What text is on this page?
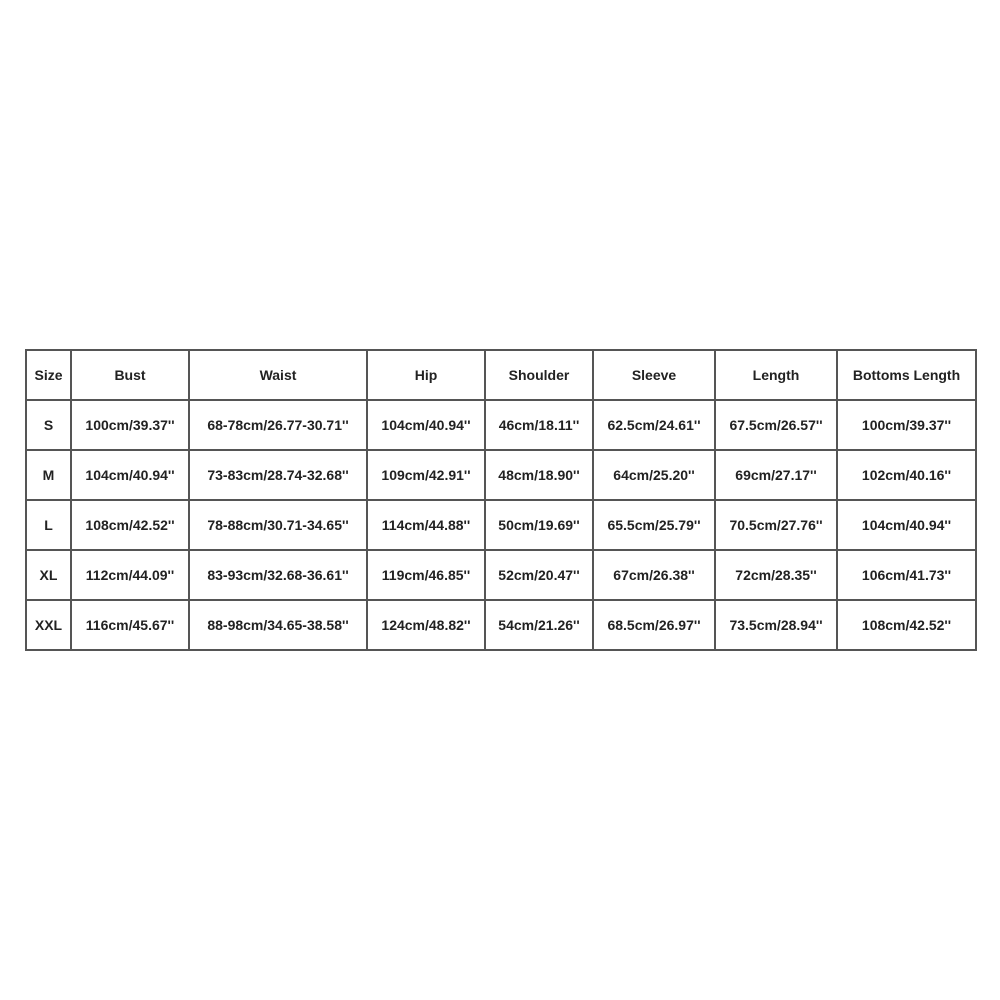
Size	Bust	Waist	Hip	Shoulder	Sleeve	Length	Bottoms Length
S	100cm/39.37''	68-78cm/26.77-30.71''	104cm/40.94''	46cm/18.11''	62.5cm/24.61''	67.5cm/26.57''	100cm/39.37''
M	104cm/40.94''	73-83cm/28.74-32.68''	109cm/42.91''	48cm/18.90''	64cm/25.20''	69cm/27.17''	102cm/40.16''
L	108cm/42.52''	78-88cm/30.71-34.65''	114cm/44.88''	50cm/19.69''	65.5cm/25.79''	70.5cm/27.76''	104cm/40.94''
XL	112cm/44.09''	83-93cm/32.68-36.61''	119cm/46.85''	52cm/20.47''	67cm/26.38''	72cm/28.35''	106cm/41.73''
XXL	116cm/45.67''	88-98cm/34.65-38.58''	124cm/48.82''	54cm/21.26''	68.5cm/26.97''	73.5cm/28.94''	108cm/42.52''
